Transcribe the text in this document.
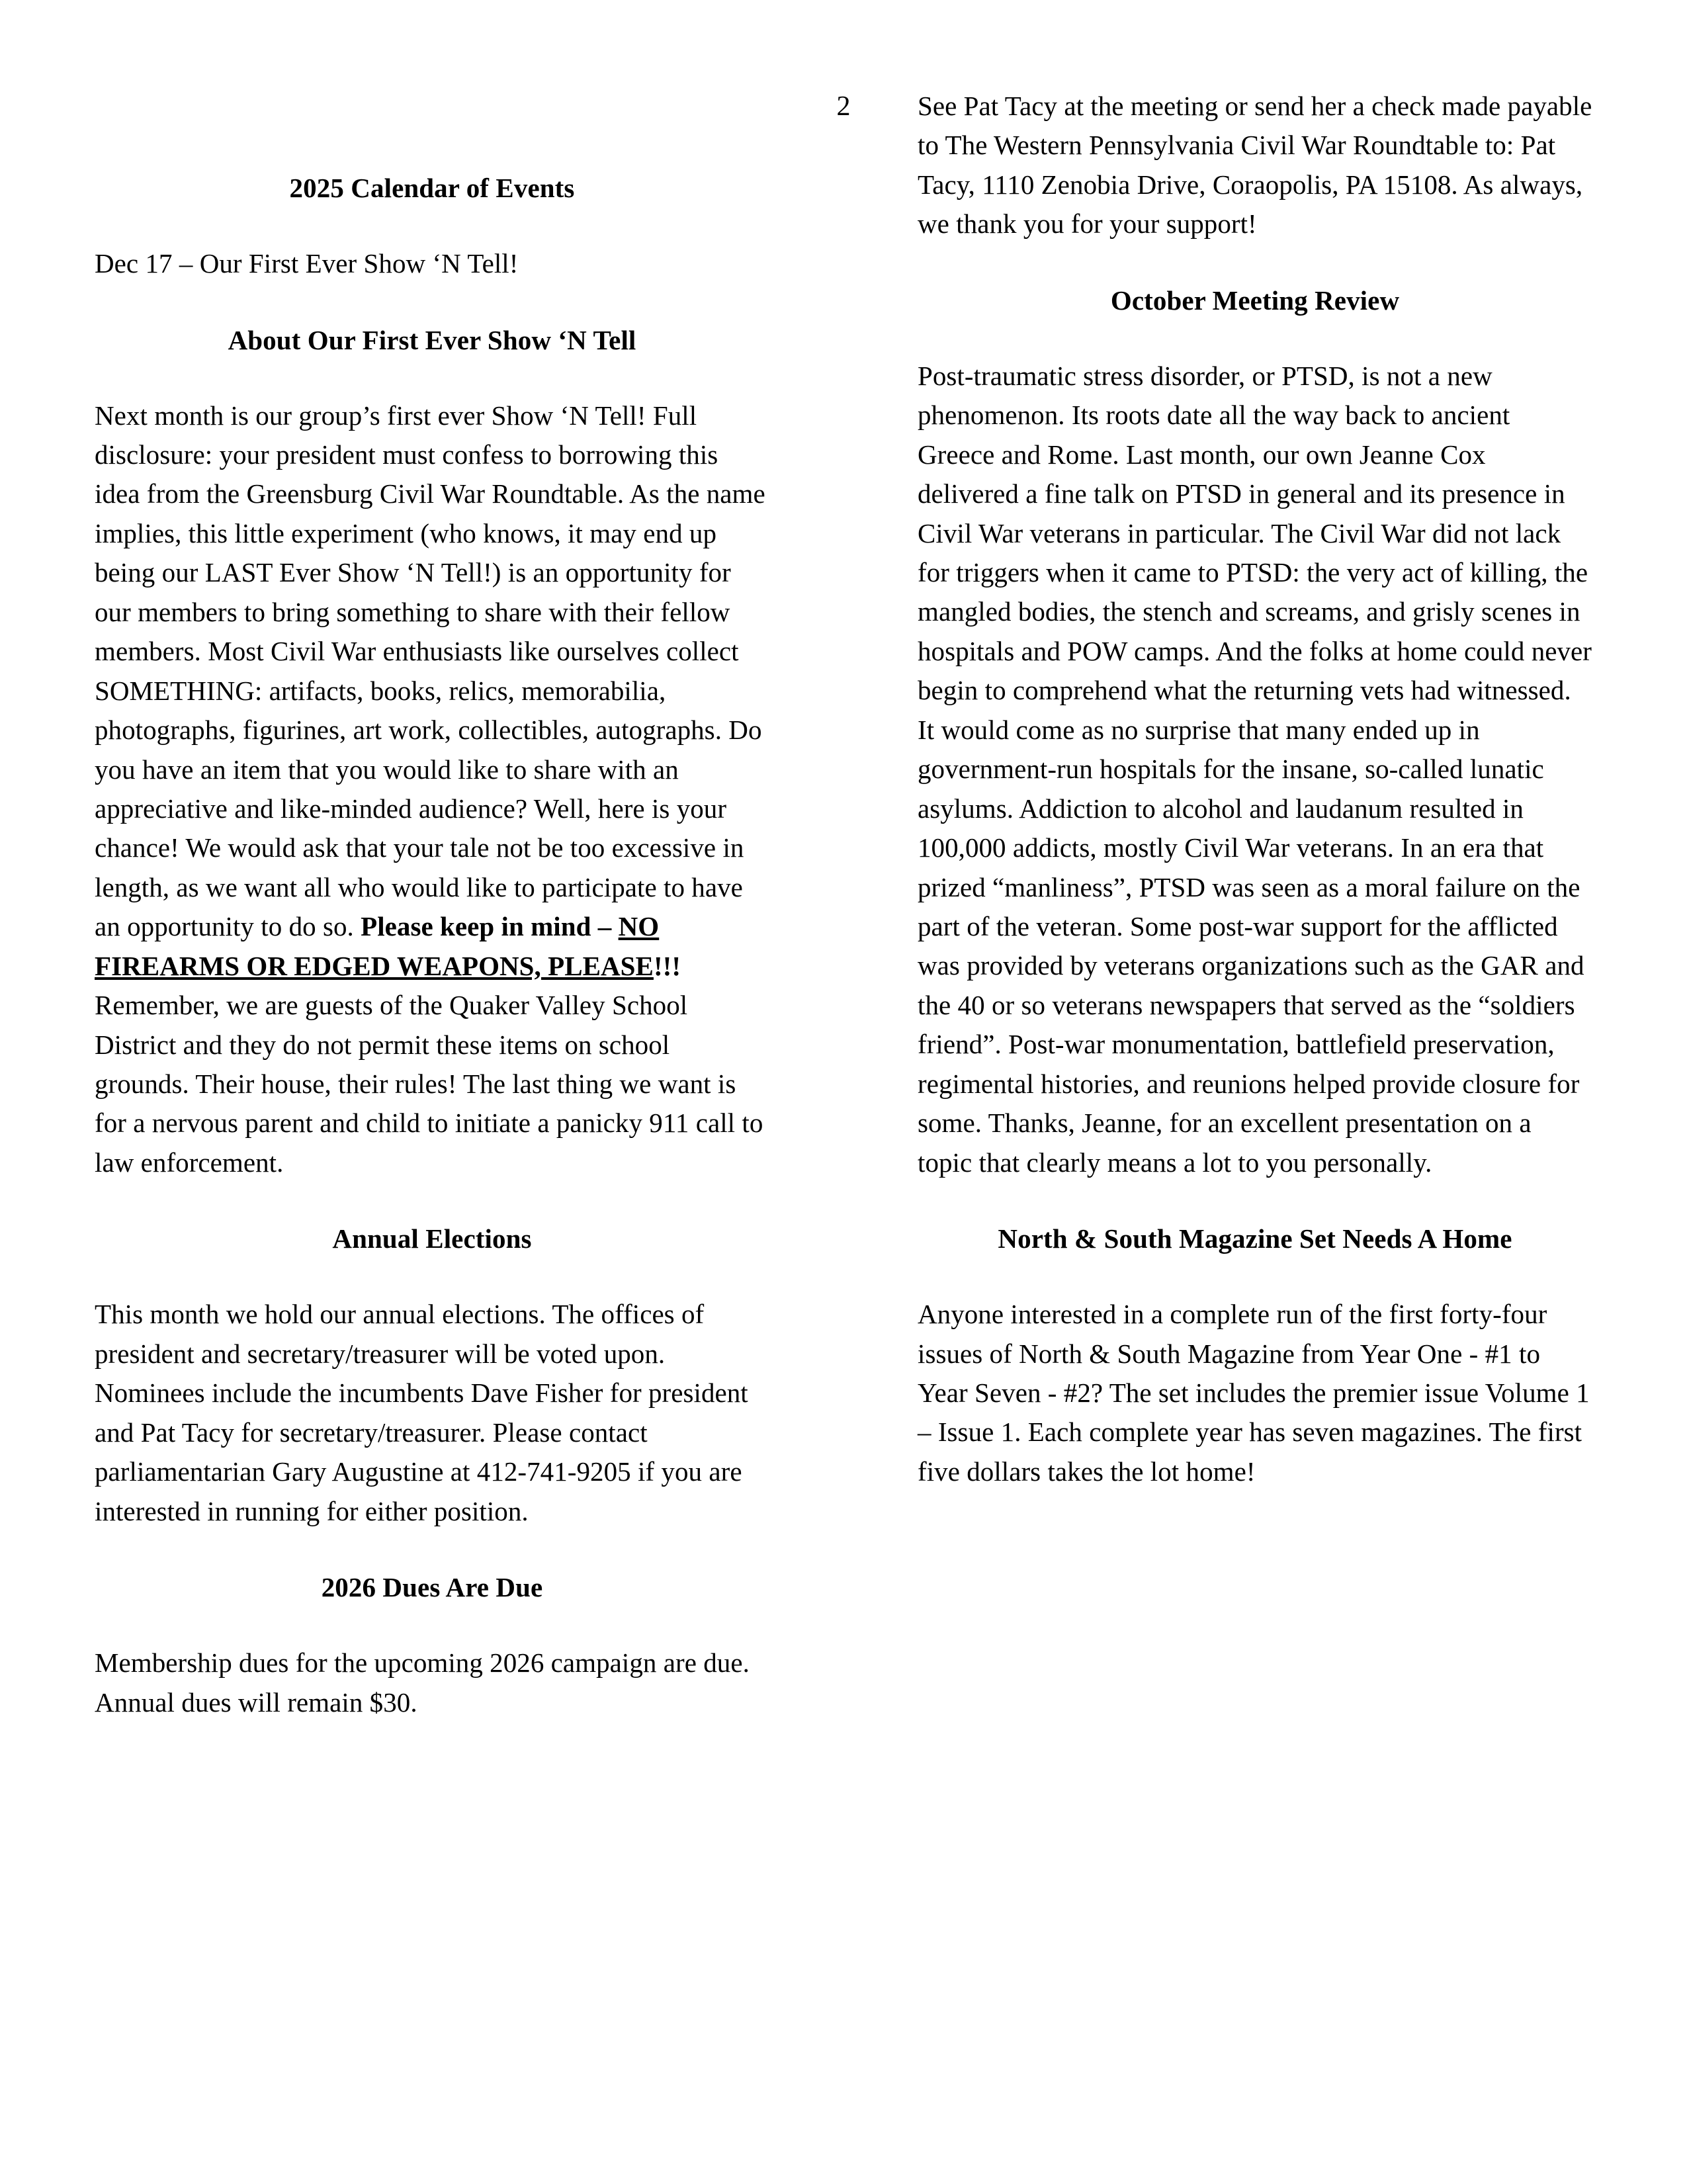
2
2025 Calendar of Events

Dec 17 – Our First Ever Show ‘N Tell!

About Our First Ever Show ‘N Tell

Next month is our group’s first ever Show ‘N Tell! Full disclosure: your president must confess to borrowing this idea from the Greensburg Civil War Roundtable. As the name implies, this little experiment (who knows, it may end up being our LAST Ever Show ‘N Tell!) is an opportunity for our members to bring something to share with their fellow members. Most Civil War enthusiasts like ourselves collect SOMETHING: artifacts, books, relics, memorabilia, photographs, figurines, art work, collectibles, autographs. Do you have an item that you would like to share with an appreciative and like-minded audience? Well, here is your chance! We would ask that your tale not be too excessive in length, as we want all who would like to participate to have an opportunity to do so. Please keep in mind – NO FIREARMS OR EDGED WEAPONS, PLEASE!!!
Remember, we are guests of the Quaker Valley School District and they do not permit these items on school grounds. Their house, their rules! The last thing we want is for a nervous parent and child to initiate a panicky 911 call to law enforcement.

Annual Elections

This month we hold our annual elections. The offices of president and secretary/treasurer will be voted upon. Nominees include the incumbents Dave Fisher for president and Pat Tacy for secretary/treasurer. Please contact parliamentarian Gary Augustine at 412-741-9205 if you are interested in running for either position.

2026 Dues Are Due

Membership dues for the upcoming 2026 campaign are due. Annual dues will remain $30.

See Pat Tacy at the meeting or send her a check made payable to The Western Pennsylvania Civil War Roundtable to: Pat Tacy, 1110 Zenobia Drive, Coraopolis, PA 15108. As always, we thank you for your support!

October Meeting Review

Post-traumatic stress disorder, or PTSD, is not a new phenomenon. Its roots date all the way back to ancient Greece and Rome. Last month, our own Jeanne Cox delivered a fine talk on PTSD in general and its presence in Civil War veterans in particular. The Civil War did not lack for triggers when it came to PTSD: the very act of killing, the mangled bodies, the stench and screams, and grisly scenes in hospitals and POW camps. And the folks at home could never begin to comprehend what the returning vets had witnessed. It would come as no surprise that many ended up in government-run hospitals for the insane, so-called lunatic asylums. Addiction to alcohol and laudanum resulted in 100,000 addicts, mostly Civil War veterans. In an era that prized “manliness”, PTSD was seen as a moral failure on the part of the veteran. Some post-war support for the afflicted was provided by veterans organizations such as the GAR and the 40 or so veterans newspapers that served as the “soldiers friend”. Post-war monumentation, battlefield preservation, regimental histories, and reunions helped provide closure for some. Thanks, Jeanne, for an excellent presentation on a topic that clearly means a lot to you personally.

North & South Magazine Set Needs A Home

Anyone interested in a complete run of the first forty-four issues of North & South Magazine from Year One - #1 to Year Seven - #2? The set includes the premier issue Volume 1 – Issue 1. Each complete year has seven magazines. The first five dollars takes the lot home!
